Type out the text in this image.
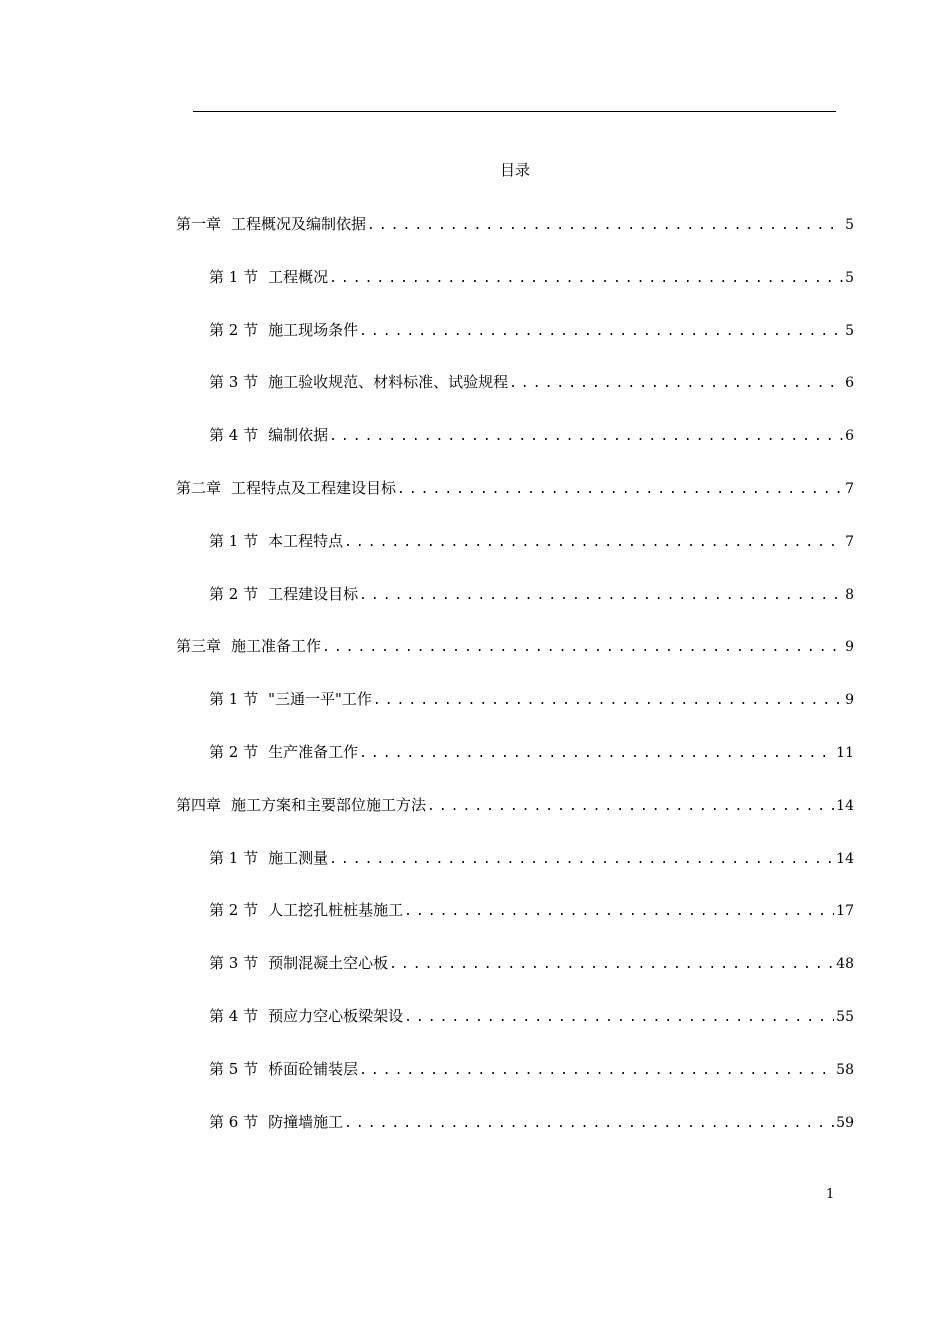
目录
第一章 工程概况及编制依据 .....	5
第 1 节 工程概况 .....	5
第 2 节 施工现场条件 .....	5
第 3 节 施工验收规范、材料标准、试验规程 .....	6
第 4 节 编制依据 .....	6
第二章 工程特点及工程建设目标 .....	7
第 1 节 本工程特点 .....	7
第 2 节 工程建设目标 .....	8
第三章 施工准备工作 .....	9
第 1 节 "三通一平"工作 .....	9
第 2 节 生产准备工作 .....	11
第四章 施工方案和主要部位施工方法 .....	14
第 1 节 施工测量 .....	14
第 2 节 人工挖孔桩桩基施工 .....	17
第 3 节 预制混凝土空心板 .....	48
第 4 节 预应力空心板梁架设 .....	55
第 5 节 桥面砼铺装层 .....	58
第 6 节 防撞墙施工 .....	59
1
